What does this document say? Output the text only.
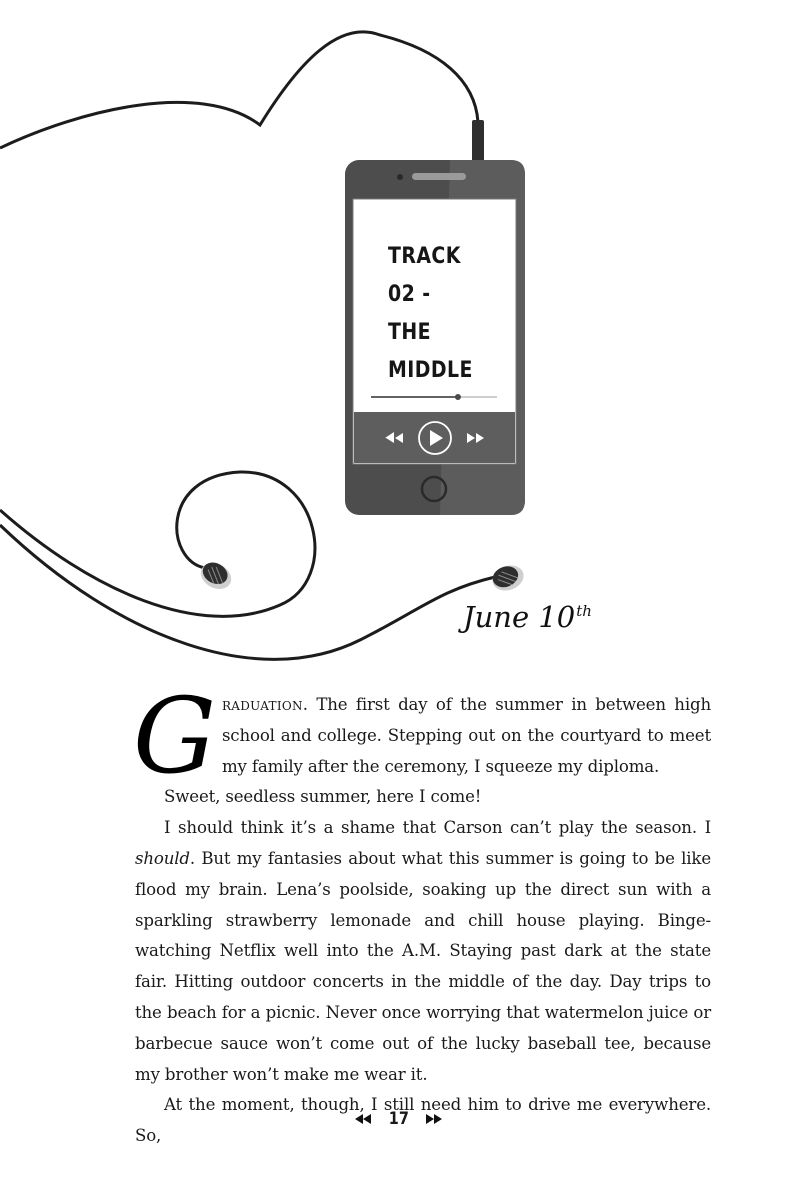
TRACK 02 -
THE
MIDDLE
June 10th

Graduation. The first day of the summer in between high school and college. Stepping out on the courtyard to meet my family after the ceremony, I squeeze my diploma.

Sweet, seedless summer, here I come!

I should think it’s a shame that Carson can’t play the season. I should. But my fantasies about what this summer is going to be like flood my brain. Lena’s poolside, soaking up the direct sun with a sparkling strawberry lemonade and chill house playing. Binge-watching Netflix well into the A.M. Staying past dark at the state fair. Hitting outdoor concerts in the middle of the day. Day trips to the beach for a picnic. Never once worrying that watermelon juice or barbecue sauce won’t come out of the lucky baseball tee, because my brother won’t make me wear it.

At the moment, though, I still need him to drive me everywhere. So,

17
